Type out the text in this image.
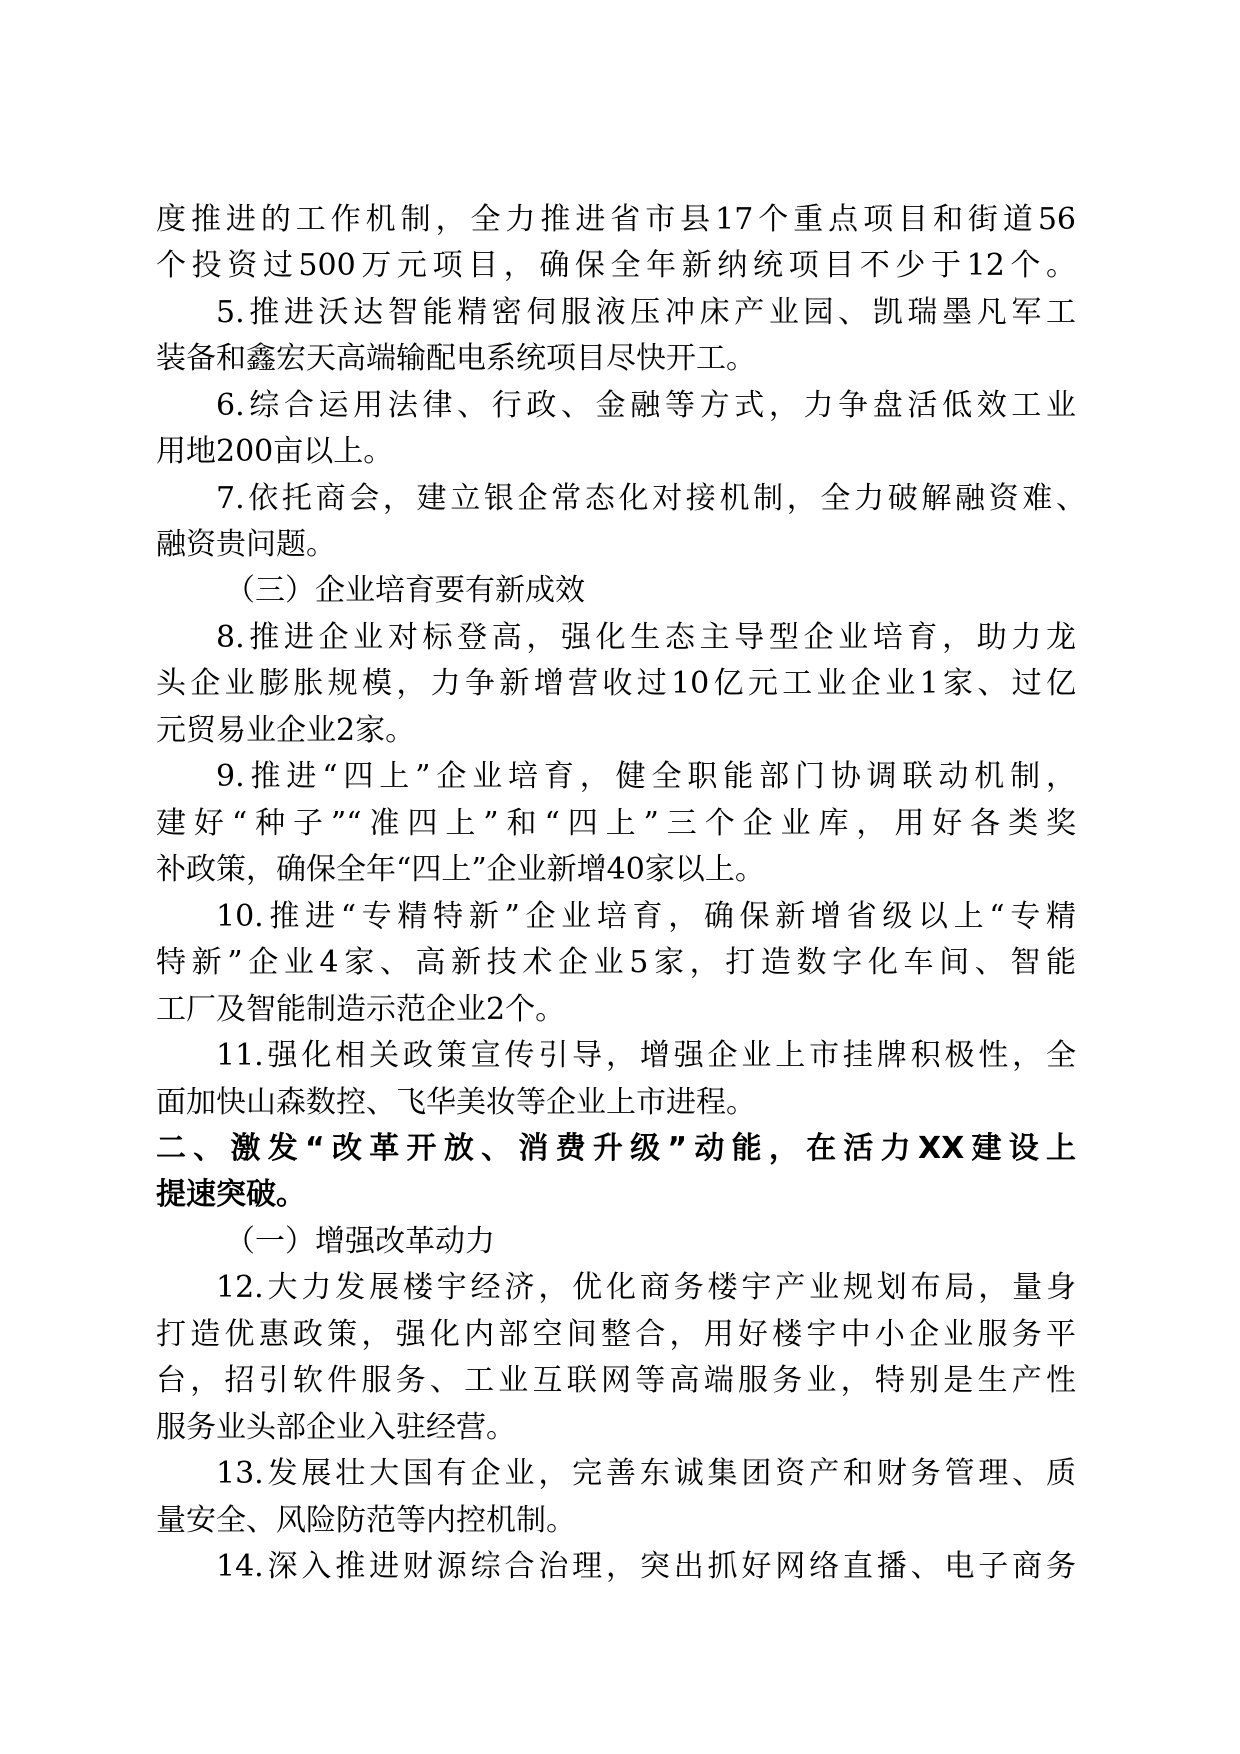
度推进的工作机制，全力推进省市县17个重点项目和街道56

个投资过500万元项目，确保全年新纳统项目不少于12个。

5.推进沃达智能精密伺服液压冲床产业园、凯瑞墨凡军工

装备和鑫宏天高端输配电系统项目尽快开工。

6.综合运用法律、行政、金融等方式，力争盘活低效工业

用地200亩以上。

7.依托商会，建立银企常态化对接机制，全力破解融资难、

融资贵问题。

（三）企业培育要有新成效

8.推进企业对标登高，强化生态主导型企业培育，助力龙

头企业膨胀规模，力争新增营收过10亿元工业企业1家、过亿

元贸易业企业2家。

9.推进“四上”企业培育，健全职能部门协调联动机制，

建好“种子”“准四上”和“四上”三个企业库，用好各类奖

补政策，确保全年“四上”企业新增40家以上。

10.推进“专精特新”企业培育，确保新增省级以上“专精

特新”企业4家、高新技术企业5家，打造数字化车间、智能

工厂及智能制造示范企业2个。

11.强化相关政策宣传引导，增强企业上市挂牌积极性，全

面加快山森数控、飞华美妆等企业上市进程。

二、激发“改革开放、消费升级”动能，在活力XX建设上

提速突破。

（一）增强改革动力

12.大力发展楼宇经济，优化商务楼宇产业规划布局，量身

打造优惠政策，强化内部空间整合，用好楼宇中小企业服务平

台，招引软件服务、工业互联网等高端服务业，特别是生产性

服务业头部企业入驻经营。

13.发展壮大国有企业，完善东诚集团资产和财务管理、质

量安全、风险防范等内控机制。

14.深入推进财源综合治理，突出抓好网络直播、电子商务
